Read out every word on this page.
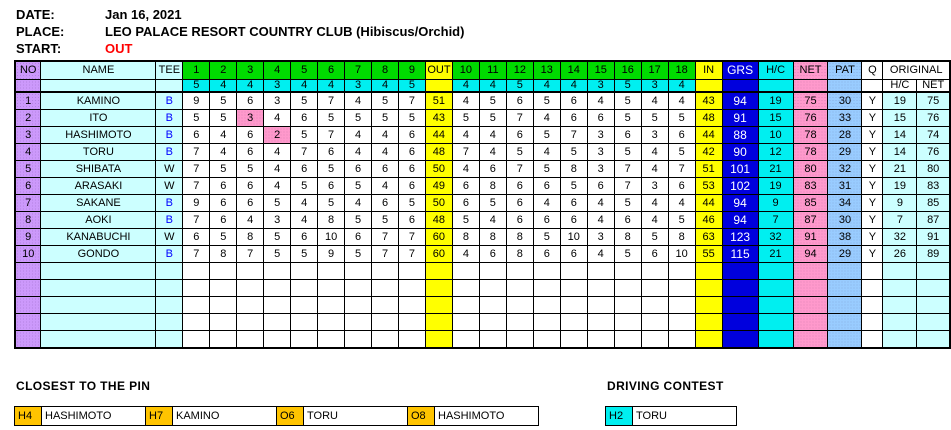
DATE:	Jan 16, 2021
PLACE:	LEO PALACE RESORT COUNTRY CLUB (Hibiscus/Orchid)
START:	OUT
NO	NAME	TEE	1	2	3	4	5	6	7	8	9	OUT	10	11	12	13	14	15	16	17	18	IN	GRS	H/C	NET	PAT	Q	ORIGINAL	
			5	4	4	3	4	4	3	4	5		4	4	5	4	4	3	5	3	4							H/C	NET
1	KAMINO	B	9	5	6	3	5	7	4	5	7	51	4	5	6	5	6	4	5	4	4	43	94	19	75	30	Y	19	75
2	ITO	B	5	5	3	4	6	5	5	5	5	43	5	5	7	4	6	6	5	5	5	48	91	15	76	33	Y	15	76
3	HASHIMOTO	B	6	4	6	2	5	7	4	4	6	44	4	4	6	5	7	3	6	3	6	44	88	10	78	28	Y	14	74
4	TORU	B	7	4	6	4	7	6	4	4	6	48	7	4	5	4	5	3	5	4	5	42	90	12	78	29	Y	14	76
5	SHIBATA	W	7	5	5	4	6	5	6	6	6	50	4	6	7	5	8	3	7	4	7	51	101	21	80	32	Y	21	80
6	ARASAKI	W	7	6	6	4	5	6	5	4	6	49	6	8	6	6	5	6	7	3	6	53	102	19	83	31	Y	19	83
7	SAKANE	B	9	6	6	5	4	5	4	6	5	50	6	5	6	4	6	4	5	4	4	44	94	9	85	34	Y	9	85
8	AOKI	B	7	6	4	3	4	8	5	5	6	48	5	4	6	6	6	4	6	4	5	46	94	7	87	30	Y	7	87
9	KANABUCHI	W	6	5	8	5	6	10	6	7	7	60	8	8	8	5	10	3	8	5	8	63	123	32	91	38	Y	32	91
10	GONDO	B	7	8	7	5	5	9	5	7	7	60	4	6	8	6	6	4	5	6	10	55	115	21	94	29	Y	26	89

CLOSEST TO THE PIN
H4	HASHIMOTO	H7	KAMINO	O6	TORU	O8	HASHIMOTO
DRIVING CONTEST
H2	TORU
